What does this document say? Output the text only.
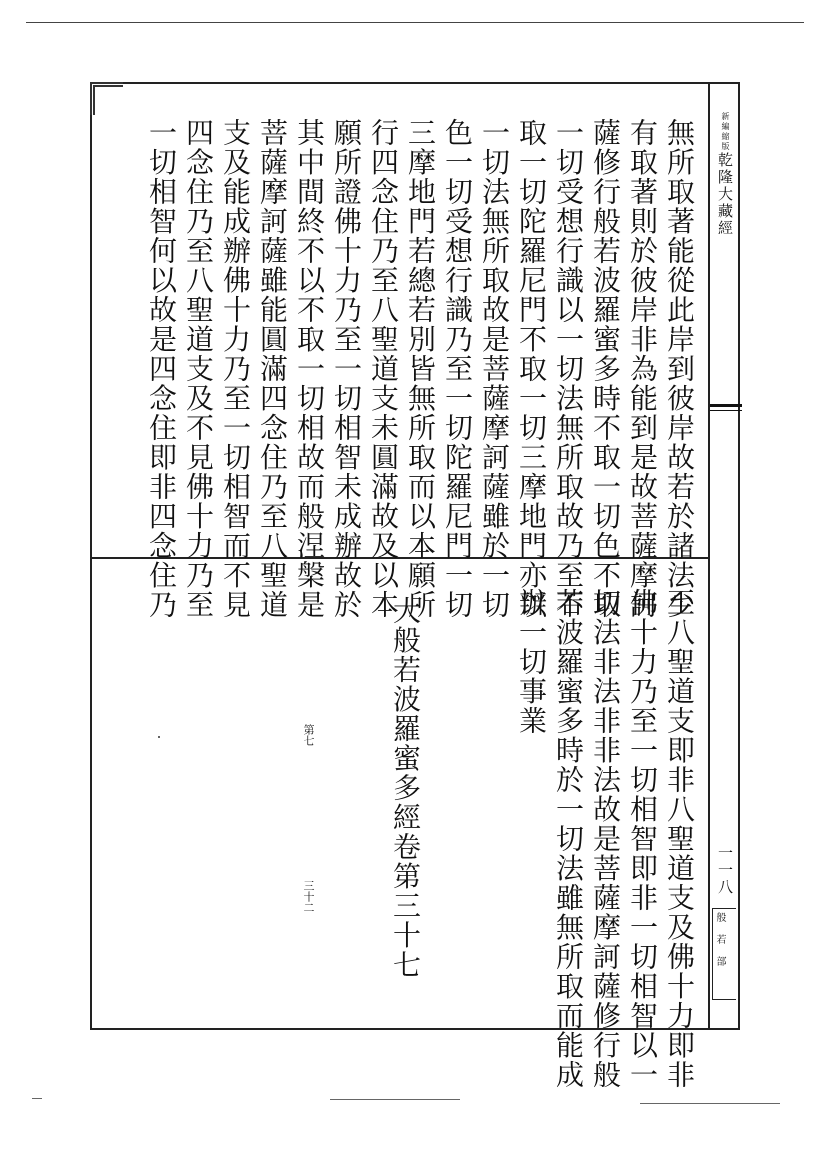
新編縮版乾隆大藏經
一一八
般若部
無所取著能從此岸到彼岸故若於諸法少
有取著則於彼岸非為能到是故菩薩摩訶
薩修行般若波羅蜜多時不取一切色不取
一切受想行識以一切法無所取故乃至不
取一切陀羅尼門不取一切三摩地門亦以
一切法無所取故是菩薩摩訶薩雖於一切
色一切受想行識乃至一切陀羅尼門一切
三摩地門若總若別皆無所取而以本願所
行四念住乃至八聖道支未圓滿故及以本
願所證佛十力乃至一切相智未成辦故於
其中間終不以不取一切相故而般涅槃是
菩薩摩訶薩雖能圓滿四念住乃至八聖道
支及能成辦佛十力乃至一切相智而不見
四念住乃至八聖道支及不見佛十力乃至
一切相智何以故是四念住即非四念住乃
至八聖道支即非八聖道支及佛十力即非
佛十力乃至一切相智即非一切相智以一
切法非法非非法故是菩薩摩訶薩修行般
若波羅蜜多時於一切法雖無所取而能成
辦一切事業
大般若波羅蜜多經卷第三十七
第七
三十二
